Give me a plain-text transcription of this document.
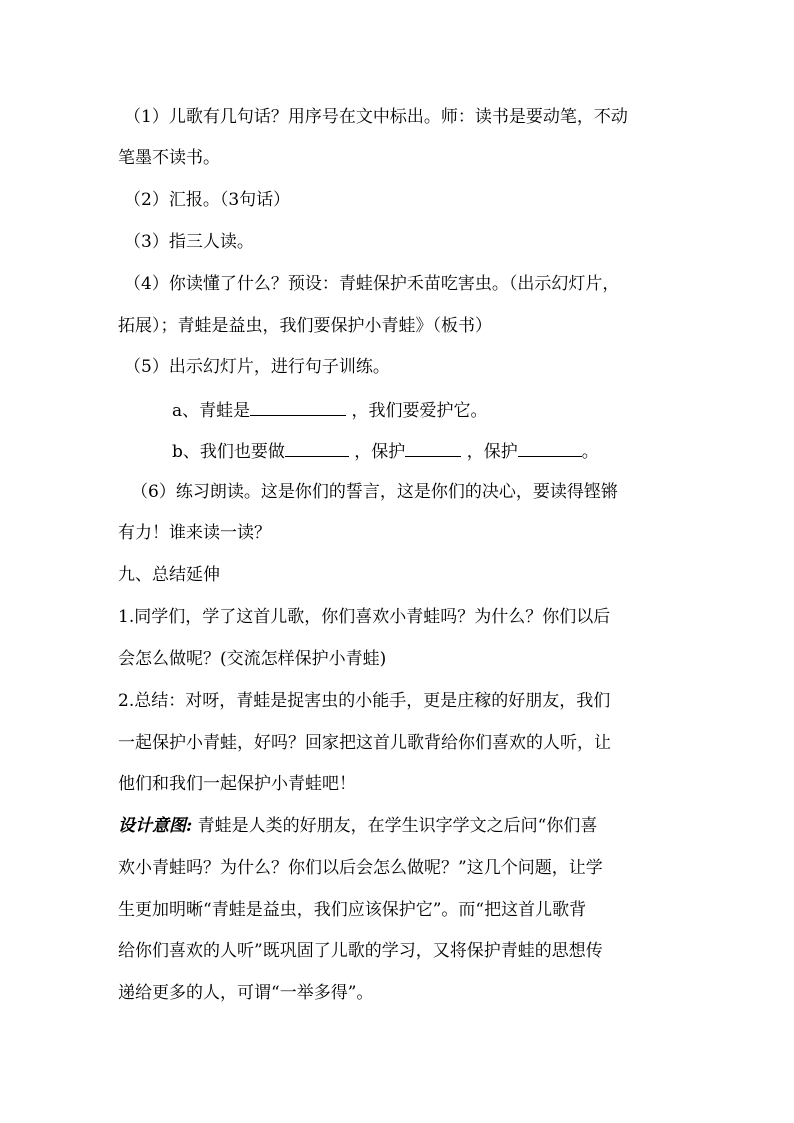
（1）儿歌有几句话？用序号在文中标出。师：读书是要动笔，不动
笔墨不读书。
（2）汇报。（3句话）
（3）指三人读。
（4）你读懂了什么？预设：青蛙保护禾苗吃害虫。（出示幻灯片，
拓展）；青蛙是益虫，我们要保护小青蛙》（板书）
（5）出示幻灯片，进行句子训练。
a、青蛙是	，我们要爱护它。
b、我们也要做	，保护	，保护	。
（6）练习朗读。这是你们的誓言，这是你们的决心，要读得铿锵
有力！谁来读一读？
九、总结延伸
1.同学们，学了这首儿歌，你们喜欢小青蛙吗？为什么？你们以后
会怎么做呢？(交流怎样保护小青蛙)
2.总结：对呀，青蛙是捉害虫的小能手，更是庄稼的好朋友，我们
一起保护小青蛙，好吗？回家把这首儿歌背给你们喜欢的人听，让
他们和我们一起保护小青蛙吧！
设计意图: 青蛙是人类的好朋友，在学生识字学文之后问“你们喜
欢小青蛙吗？为什么？你们以后会怎么做呢？”这几个问题，让学
生更加明晰“青蛙是益虫，我们应该保护它”。而“把这首儿歌背
给你们喜欢的人听”既巩固了儿歌的学习，又将保护青蛙的思想传
递给更多的人，可谓“一举多得”。
